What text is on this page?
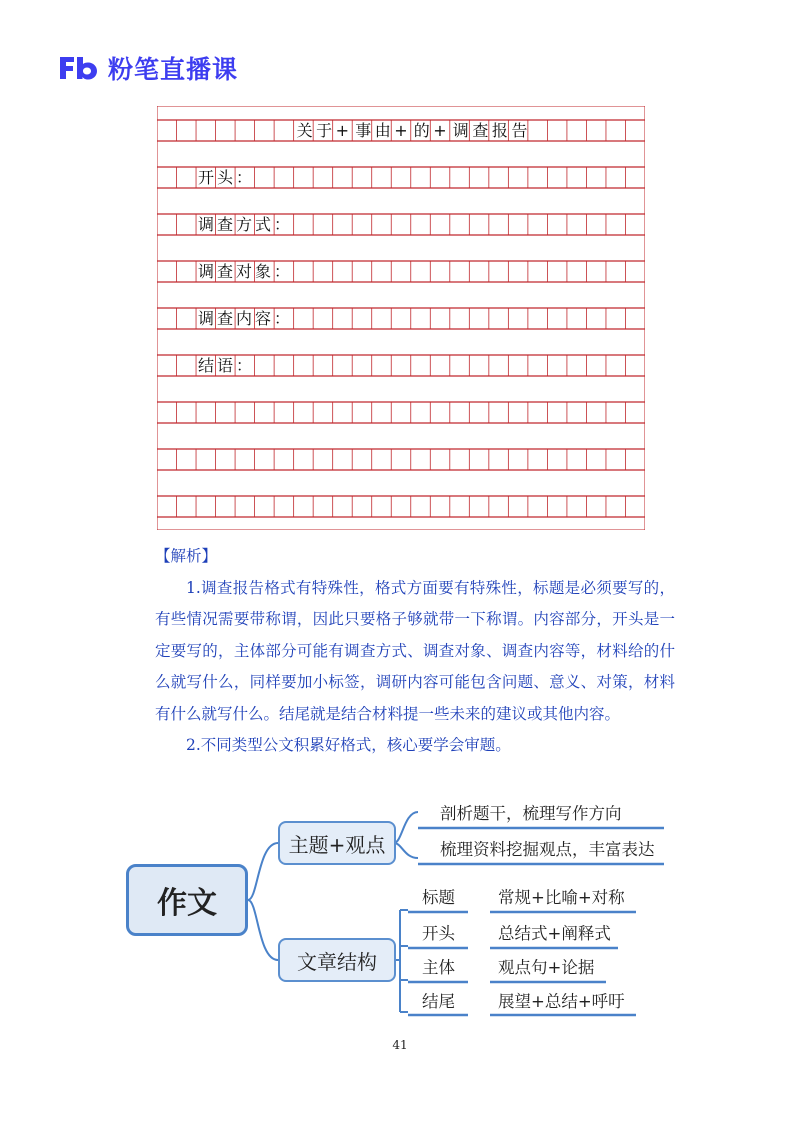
粉笔直播课
关 于 + 事 由 + 的 + 调 查 报 告
开头：
调查方式：
调查对象：
调查内容：
结语：
【解析】

1.调查报告格式有特殊性，格式方面要有特殊性，标题是必须要写的，有些情况需要带称谓，因此只要格子够就带一下称谓。内容部分，开头是一定要写的，主体部分可能有调查方式、调查对象、调查内容等，材料给的什么就写什么，同样要加小标签，调研内容可能包含问题、意义、对策，材料有什么就写什么。结尾就是结合材料提一些未来的建议或其他内容。

2.不同类型公文积累好格式，核心要学会审题。

作文
主题+观点
文章结构
剖析题干，梳理写作方向
梳理资料挖掘观点，丰富表达
标题	常规+比喻+对称
开头	总结式+阐释式
主体	观点句+论据
结尾	展望+总结+呼吁
41
